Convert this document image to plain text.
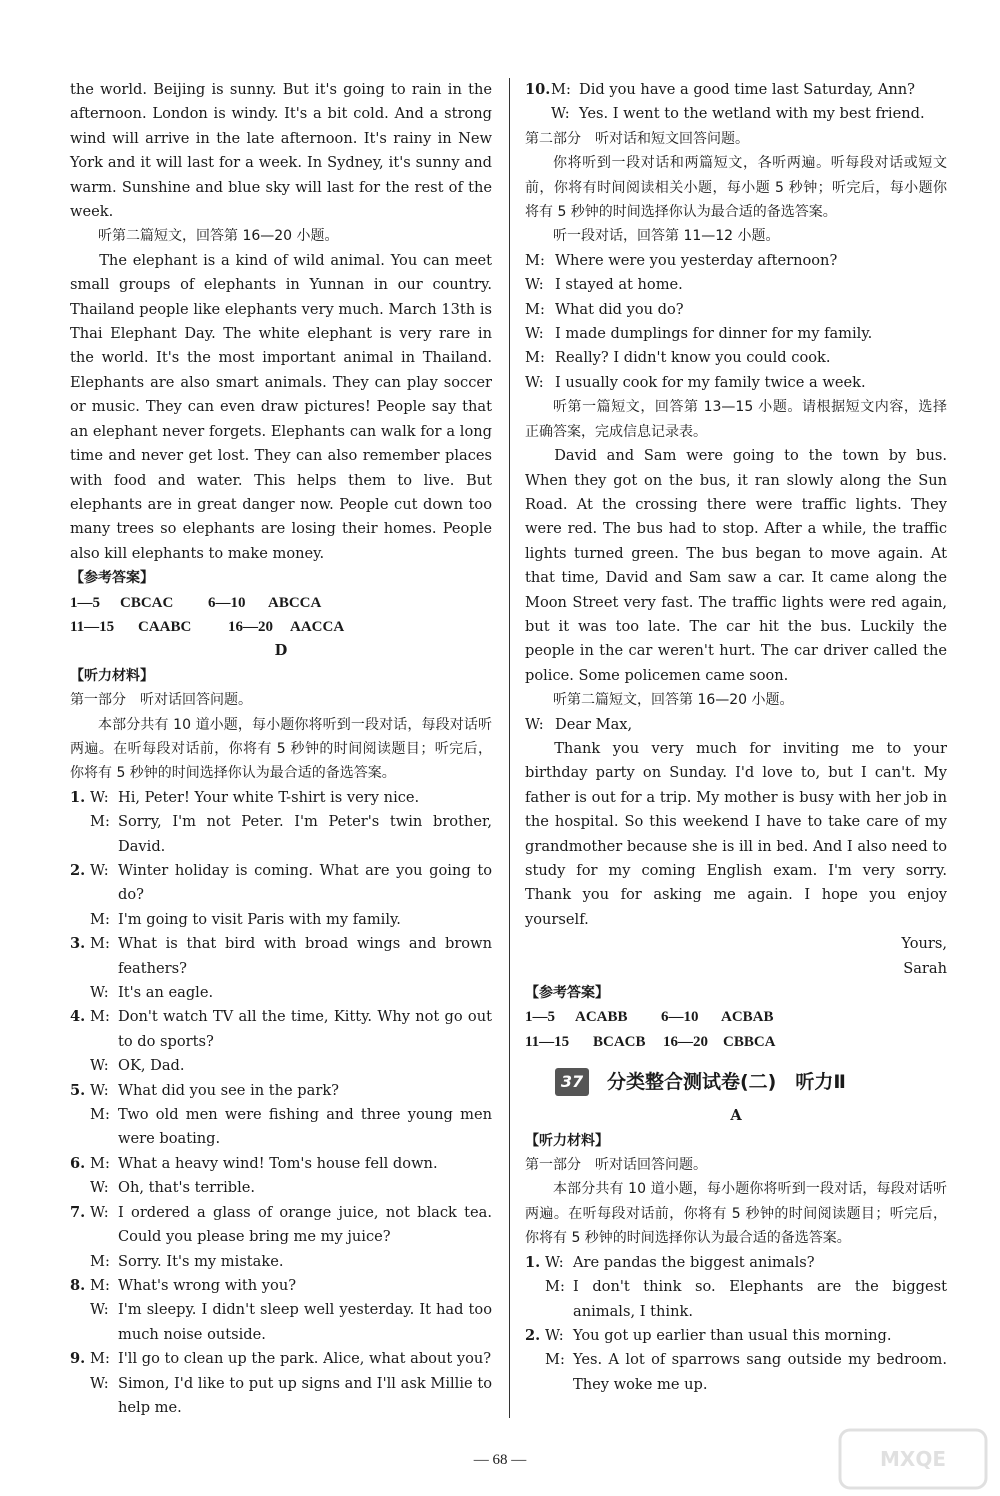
the world. Beijing is sunny. But it's going to rain in the afternoon. London is windy. It's a bit cold. And a strong wind will arrive in the late afternoon. It's rainy in New York and it will last for a week. In Sydney, it's sunny and warm. Sunshine and blue sky will last for the rest of the week.

听第二篇短文，回答第 16—20 小题。

The elephant is a kind of wild animal. You can meet small groups of elephants in Yunnan in our country. Thailand people like elephants very much. March 13th is Thai Elephant Day. The white elephant is very rare in the world. It's the most important animal in Thailand. Elephants are also smart animals. They can play soccer or music. They can even draw pictures! People say that an elephant never forgets. Elephants can walk for a long time and never get lost. They can also remember places with food and water. This helps them to live. But elephants are in great danger now. People cut down too many trees so elephants are losing their homes. People also kill elephants to make money.

【参考答案】

1—5 CBCAC 6—10 ABCCA
11—15 CAABC 16—20 AACCA

D

【听力材料】

第一部分　听对话回答问题。

本部分共有 10 道小题，每小题你将听到一段对话，每段对话听两遍。在听每段对话前，你将有 5 秒钟的时间阅读题目；听完后，你将有 5 秒钟的时间选择你认为最合适的备选答案。

1. W: Hi, Peter! Your white T-shirt is very nice.
M: Sorry, I'm not Peter. I'm Peter's twin brother, David.
2. W: Winter holiday is coming. What are you going to do?
M: I'm going to visit Paris with my family.
3. M: What is that bird with broad wings and brown feathers?
W: It's an eagle.
4. M: Don't watch TV all the time, Kitty. Why not go out to do sports?
W: OK, Dad.
5. W: What did you see in the park?
M: Two old men were fishing and three young men were boating.
6. M: What a heavy wind! Tom's house fell down.
W: Oh, that's terrible.
7. W: I ordered a glass of orange juice, not black tea. Could you please bring me my juice?
M: Sorry. It's my mistake.
8. M: What's wrong with you?
W: I'm sleepy. I didn't sleep well yesterday. It had too much noise outside.
9. M: I'll go to clean up the park. Alice, what about you?
W: Simon, I'd like to put up signs and I'll ask Millie to help me.
10. M: Did you have a good time last Saturday, Ann?
W: Yes. I went to the wetland with my best friend.

第二部分　听对话和短文回答问题。

你将听到一段对话和两篇短文，各听两遍。听每段对话或短文前，你将有时间阅读相关小题，每小题 5 秒钟；听完后，每小题你将有 5 秒钟的时间选择你认为最合适的备选答案。

听一段对话，回答第 11—12 小题。

M: Where were you yesterday afternoon?
W: I stayed at home.
M: What did you do?
W: I made dumplings for dinner for my family.
M: Really? I didn't know you could cook.
W: I usually cook for my family twice a week.

听第一篇短文，回答第 13—15 小题。请根据短文内容，选择正确答案，完成信息记录表。

David and Sam were going to the town by bus. When they got on the bus, it ran slowly along the Sun Road. At the crossing there were traffic lights. They were red. The bus had to stop. After a while, the traffic lights turned green. The bus began to move again. At that time, David and Sam saw a car. It came along the Moon Street very fast. The traffic lights were red again, but it was too late. The car hit the bus. Luckily the people in the car weren't hurt. The car driver called the police. Some policemen came soon.

听第二篇短文，回答第 16—20 小题。

W: Dear Max,

Thank you very much for inviting me to your birthday party on Sunday. I'd love to, but I can't. My father is out for a trip. My mother is busy with her job in the hospital. So this weekend I have to take care of my grandmother because she is ill in bed. And I also need to study for my coming English exam. I'm very sorry. Thank you for asking me again. I hope you enjoy yourself.

Yours,

Sarah

【参考答案】

1—5 ACABB 6—10 ACBAB
11—15 BCACB 16—20 CBBCA
37	分类整合测试卷(二)　听力Ⅱ

A

【听力材料】

第一部分　听对话回答问题。

本部分共有 10 道小题，每小题你将听到一段对话，每段对话听两遍。在听每段对话前，你将有 5 秒钟的时间阅读题目；听完后，你将有 5 秒钟的时间选择你认为最合适的备选答案。

1. W: Are pandas the biggest animals?
M: I don't think so. Elephants are the biggest animals, I think.
2. W: You got up earlier than usual this morning.
M: Yes. A lot of sparrows sang outside my bedroom. They woke me up.
— 68 —	MXQE
